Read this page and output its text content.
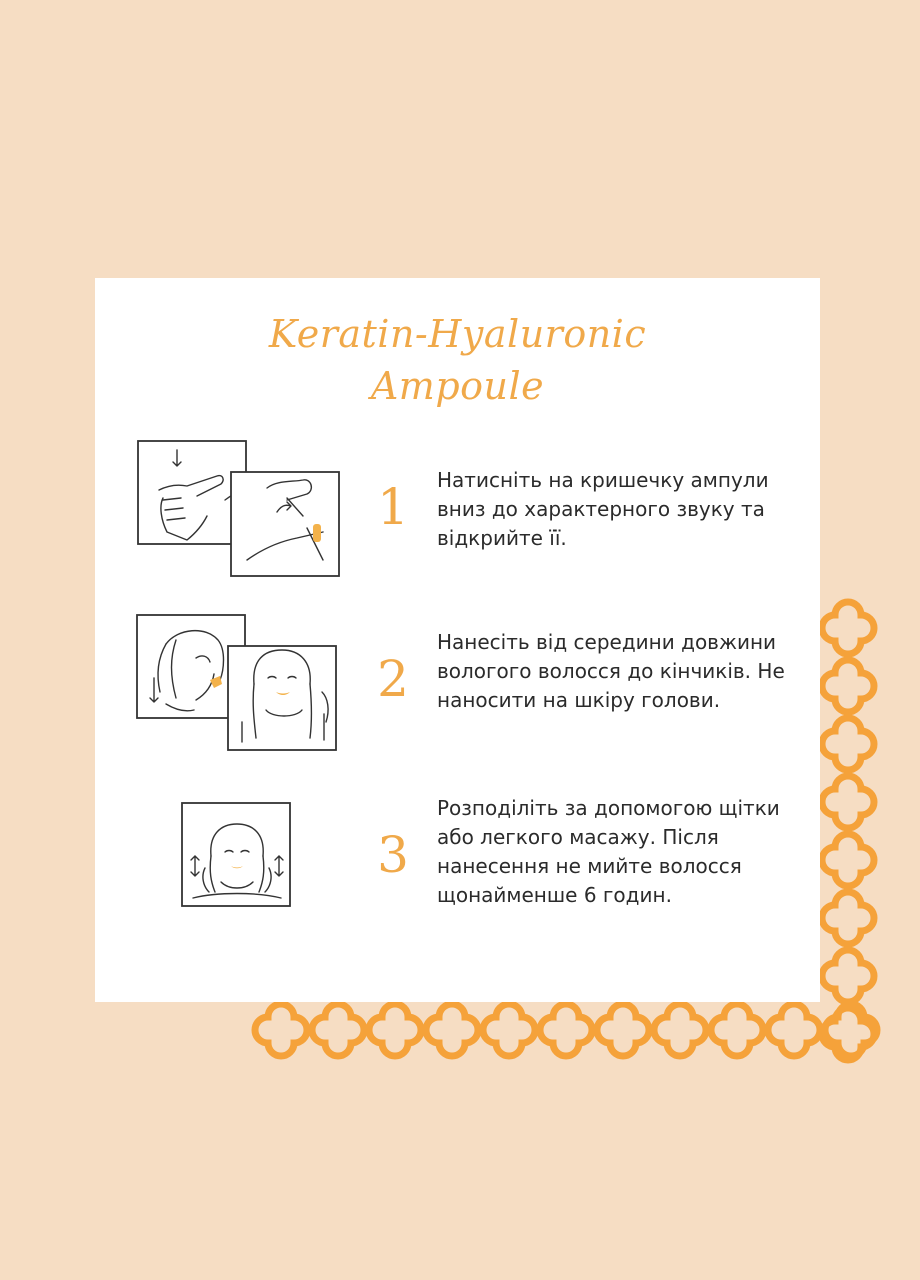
Keratin-Hyaluronic
Ampoule
1	Натисніть на кришечку ампули вниз до характерного звуку та відкрийте її.
2
Нанесіть від середини довжини вологого волосся до кінчиків. Не наносити на шкіру голови.
3
Розподіліть за допомогою щітки або легкого масажу. Після нанесення не мийте волосся щонайменше 6 годин.
